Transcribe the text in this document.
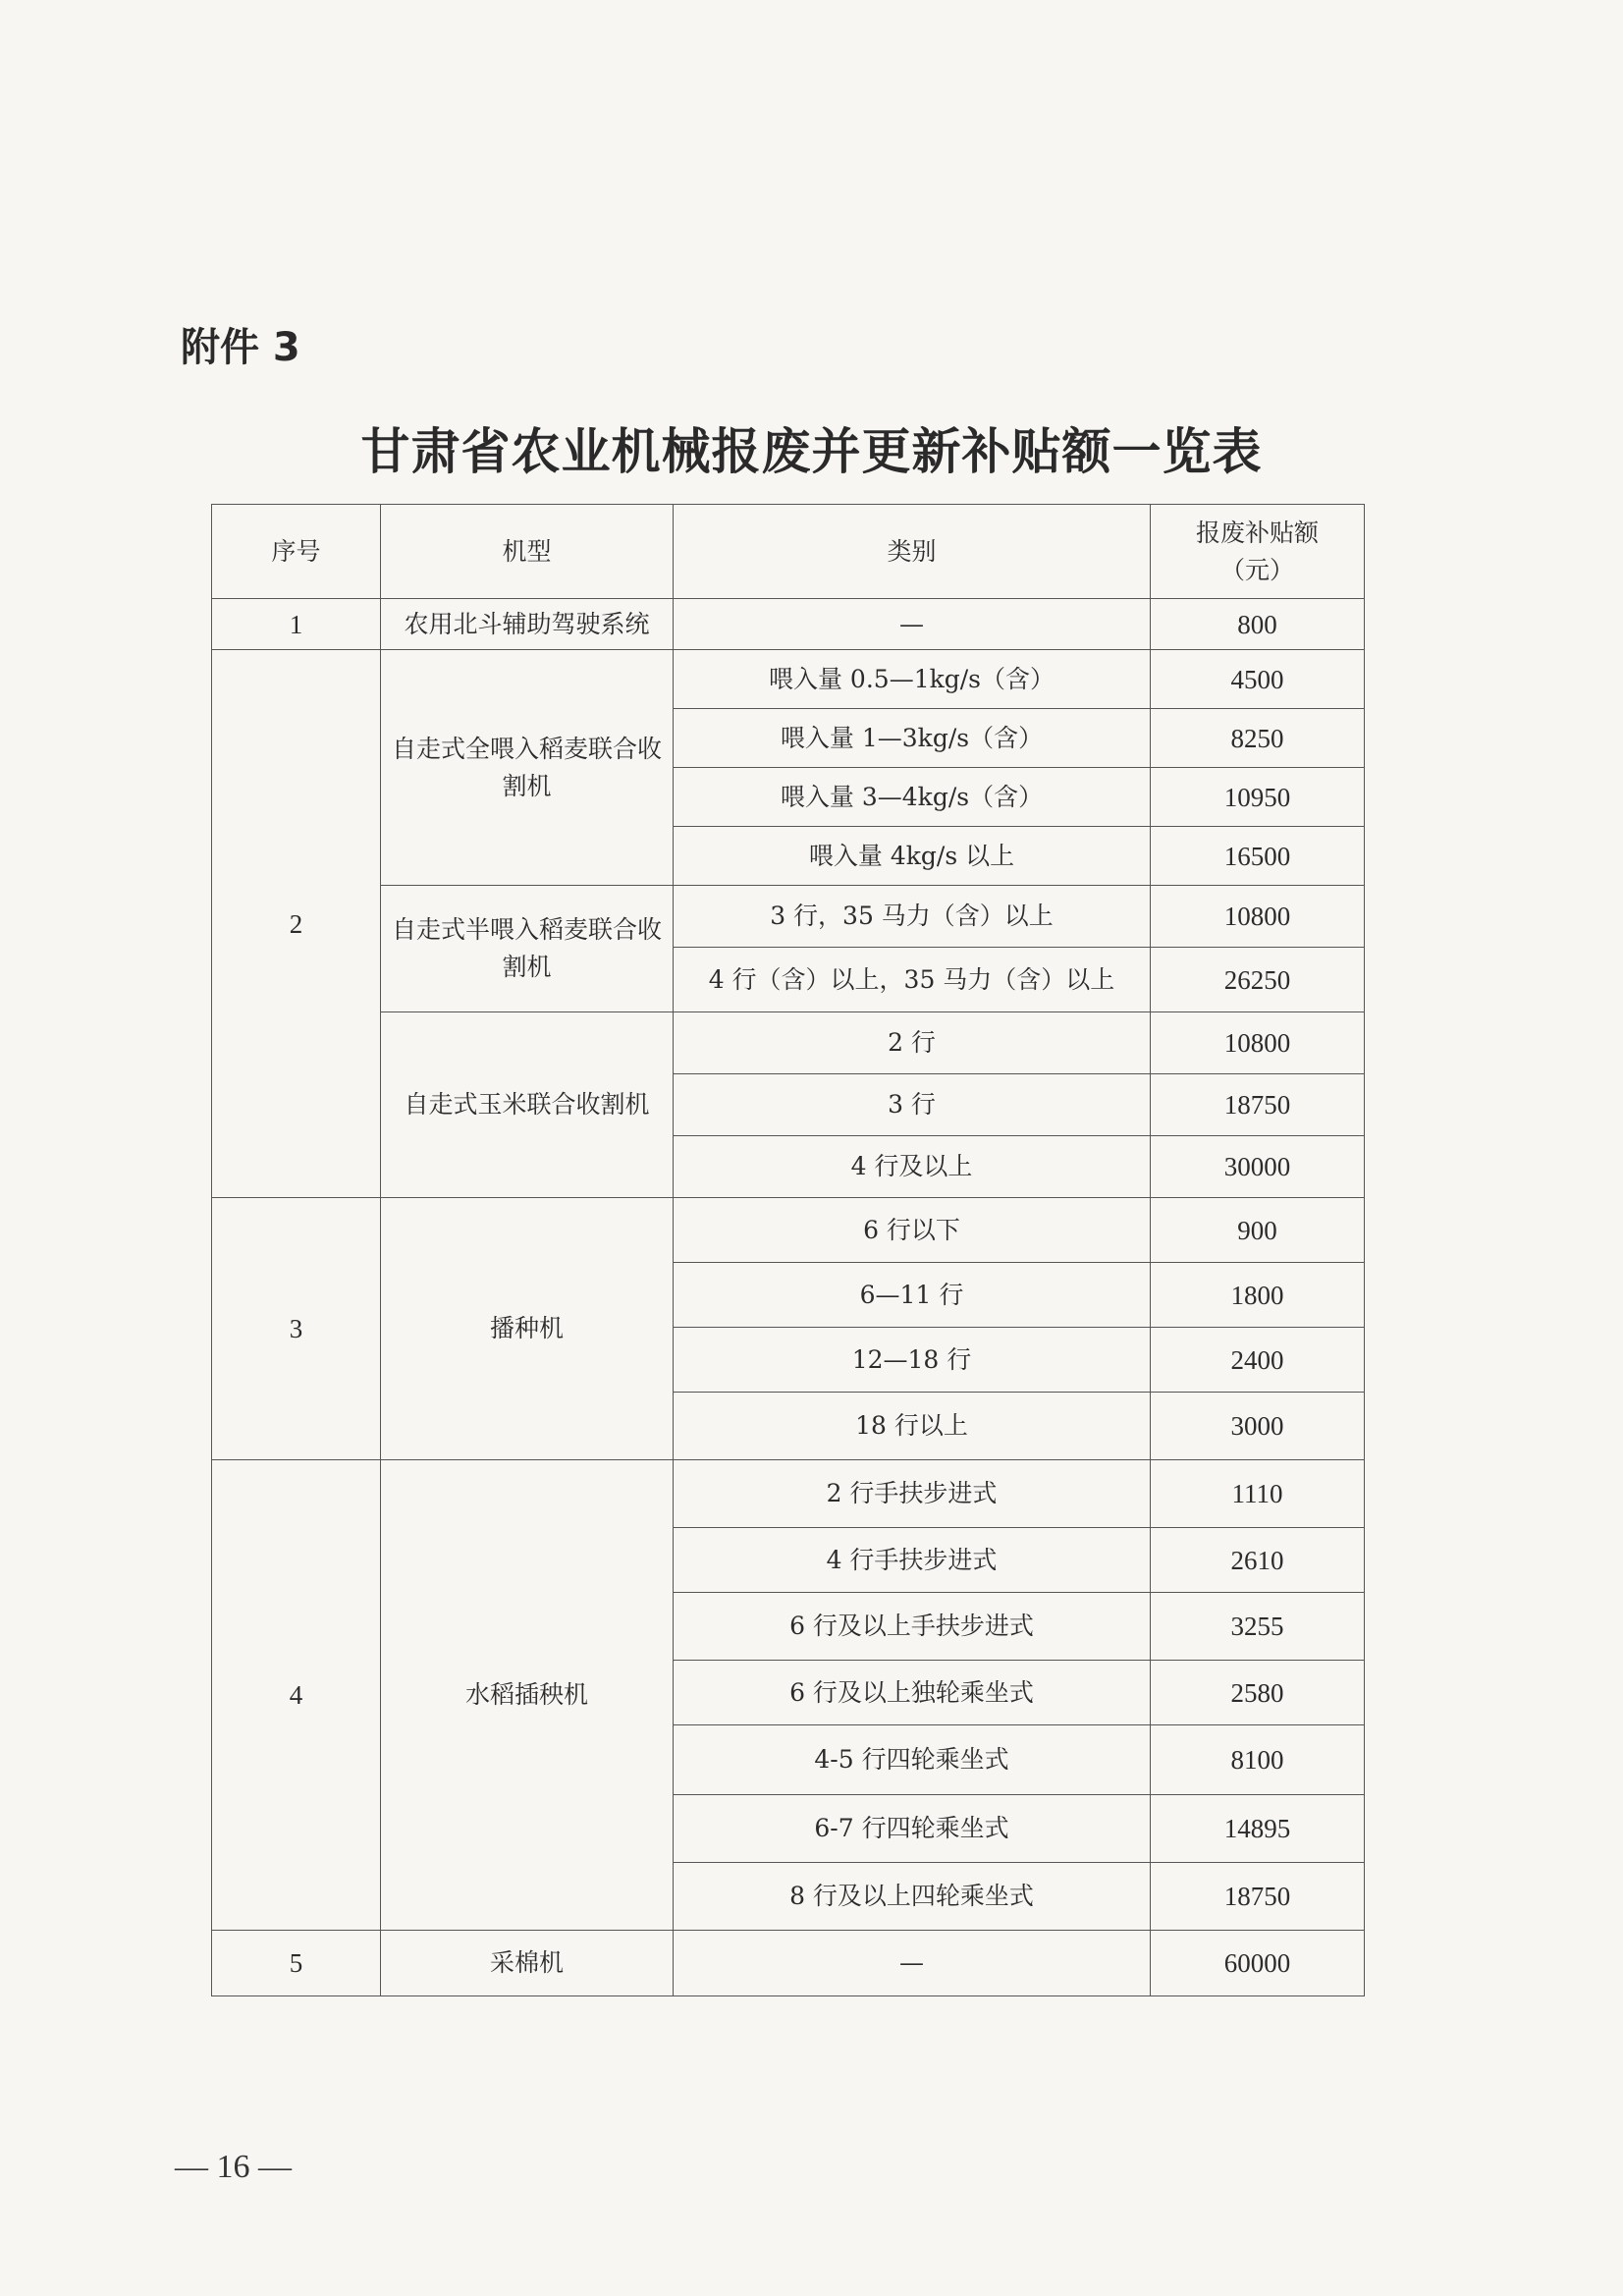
附件 3
甘肃省农业机械报废并更新补贴额一览表
序号	机型	类别	报废补贴额（元）
1	农用北斗辅助驾驶系统	—	800
2	自走式全喂入稻麦联合收割机	喂入量 0.5—1kg/s（含）	4500
		喂入量 1—3kg/s（含）	8250
		喂入量 3—4kg/s（含）	10950
		喂入量 4kg/s 以上	16500
	自走式半喂入稻麦联合收割机	3 行，35 马力（含）以上	10800
		4 行（含）以上，35 马力（含）以上	26250
	自走式玉米联合收割机	2 行	10800
		3 行	18750
		4 行及以上	30000
3	播种机	6 行以下	900
		6—11 行	1800
		12—18 行	2400
		18 行以上	3000
4	水稻插秧机	2 行手扶步进式	1110
		4 行手扶步进式	2610
		6 行及以上手扶步进式	3255
		6 行及以上独轮乘坐式	2580
		4-5 行四轮乘坐式	8100
		6-7 行四轮乘坐式	14895
		8 行及以上四轮乘坐式	18750
5	采棉机	—	60000
— 16 —
